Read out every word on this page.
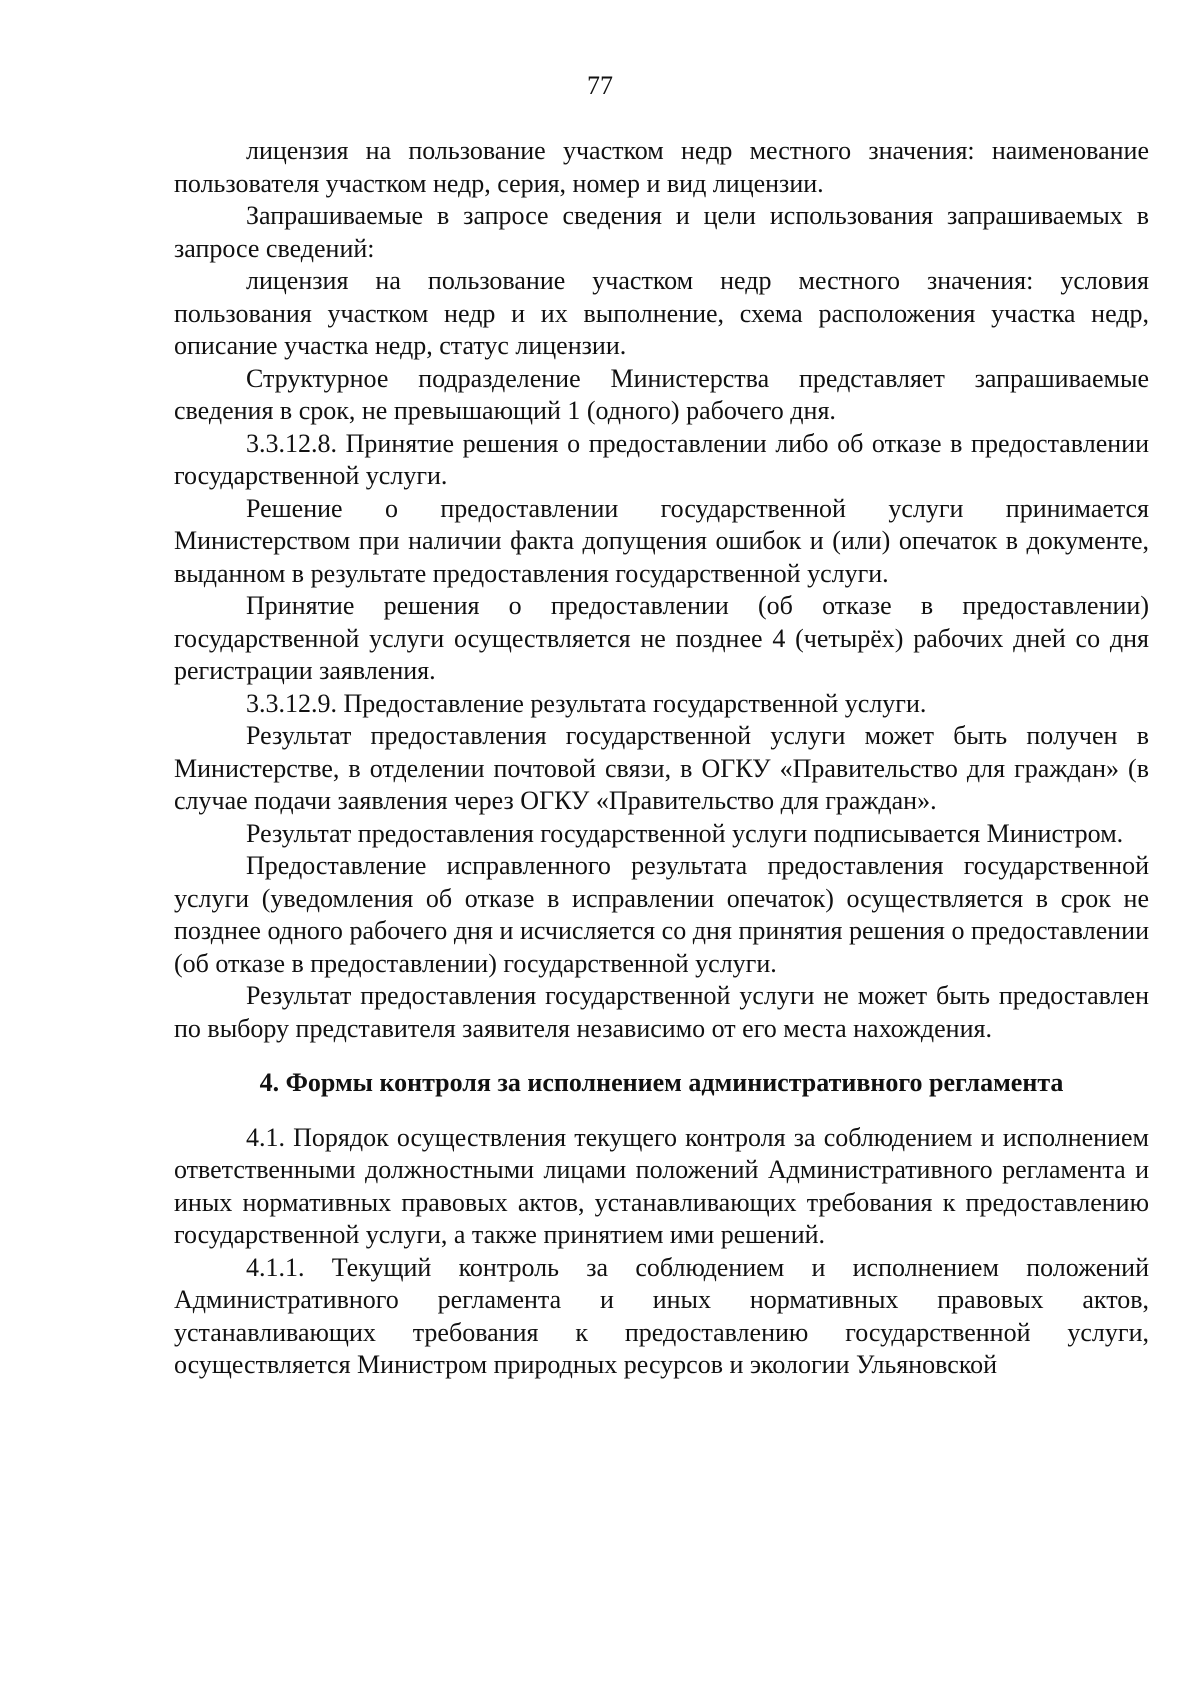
77

лицензия на пользование участком недр местного значения: наименование пользователя участком недр, серия, номер и вид лицензии.

Запрашиваемые в запросе сведения и цели использования запрашиваемых в запросе сведений:

лицензия на пользование участком недр местного значения: условия пользования участком недр и их выполнение, схема расположения участка недр, описание участка недр, статус лицензии.

Структурное подразделение Министерства представляет запрашиваемые сведения в срок, не превышающий 1 (одного) рабочего дня.

3.3.12.8. Принятие решения о предоставлении либо об отказе в предоставлении государственной услуги.

Решение о предоставлении государственной услуги принимается Министерством при наличии факта допущения ошибок и (или) опечаток в документе, выданном в результате предоставления государственной услуги.

Принятие решения о предоставлении (об отказе в предоставлении) государственной услуги осуществляется не позднее 4 (четырёх) рабочих дней со дня регистрации заявления.

3.3.12.9. Предоставление результата государственной услуги.

Результат предоставления государственной услуги может быть получен в Министерстве, в отделении почтовой связи, в ОГКУ «Правительство для граждан» (в случае подачи заявления через ОГКУ «Правительство для граждан».

Результат предоставления государственной услуги подписывается Министром.

Предоставление исправленного результата предоставления государственной услуги (уведомления об отказе в исправлении опечаток) осуществляется в срок не позднее одного рабочего дня и исчисляется со дня принятия решения о предоставлении (об отказе в предоставлении) государственной услуги.

Результат предоставления государственной услуги не может быть предоставлен по выбору представителя заявителя независимо от его места нахождения.

4. Формы контроля за исполнением административного регламента

4.1. Порядок осуществления текущего контроля за соблюдением и исполнением ответственными должностными лицами положений Административного регламента и иных нормативных правовых актов, устанавливающих требования к предоставлению государственной услуги, а также принятием ими решений.

4.1.1. Текущий контроль за соблюдением и исполнением положений Административного регламента и иных нормативных правовых актов, устанавливающих требования к предоставлению государственной услуги, осуществляется Министром природных ресурсов и экологии Ульяновской
